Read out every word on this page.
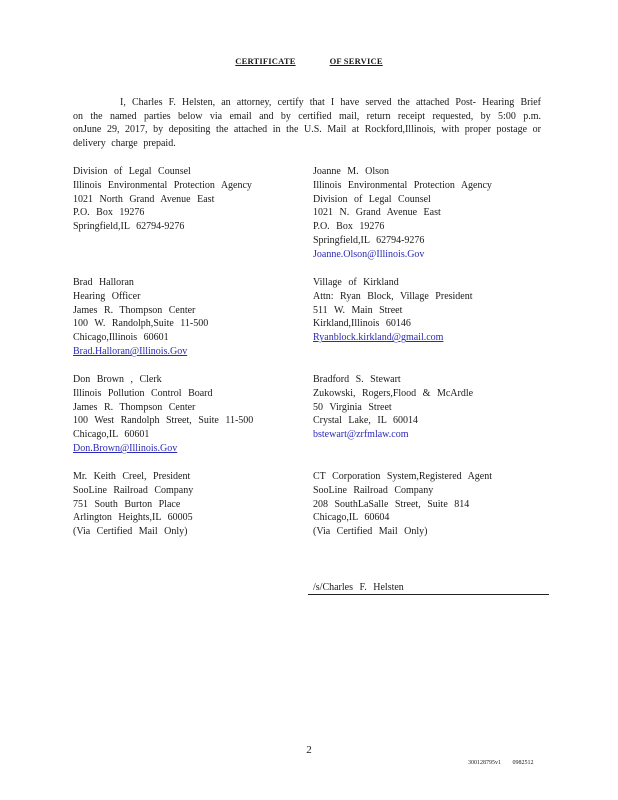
CERTIFICATE	OF SERVICE
I, Charles F. Helsten, an attorney, certify that I have served the attached Post- Hearing Brief on the named parties below via email and by certified mail, return receipt requested, by 5:00 p.m. onJune 29, 2017, by depositing the attached in the U.S. Mail at Rockford,Illinois, with proper postage or delivery charge prepaid.
Division of Legal Counsel
Illinois Environmental Protection Agency
1021 North Grand Avenue East
P.O. Box 19276
Springfield,IL 62794-9276
Joanne M. Olson
Illinois Environmental Protection Agency
Division of Legal Counsel
1021 N. Grand Avenue East
P.O. Box 19276
Springfield,IL 62794-9276
Joanne.Olson@Illinois.Gov
Brad Halloran
Hearing Officer
James R. Thompson Center
100 W. Randolph,Suite 11-500
Chicago,Illinois 60601
Brad.Halloran@Illinois.Gov
Village of Kirkland
Attn: Ryan Block, Village President
511 W. Main Street
Kirkland,Illinois 60146
Ryanblock.kirkland@gmail.com
Don Brown , Clerk
Illinois Pollution Control Board
James R. Thompson Center
100 West Randolph Street, Suite 11-500
Chicago,IL 60601
Don.Brown@Illinois.Gov
Bradford S. Stewart
Zukowski, Rogers,Flood & McArdle
50 Virginia Street
Crystal Lake, IL 60014
bstewart@zrfmlaw.com
Mr. Keith Creel, President
SooLine Railroad Company
751 South Burton Place
Arlington Heights,IL 60005
(Via Certified Mail Only)
CT Corporation System,Registered Agent
SooLine Railroad Company
208 SouthLaSalle Street, Suite 814
Chicago,IL 60604
(Via Certified Mail Only)
/s/Charles F. Helsten
2
300128795v1 0982512
